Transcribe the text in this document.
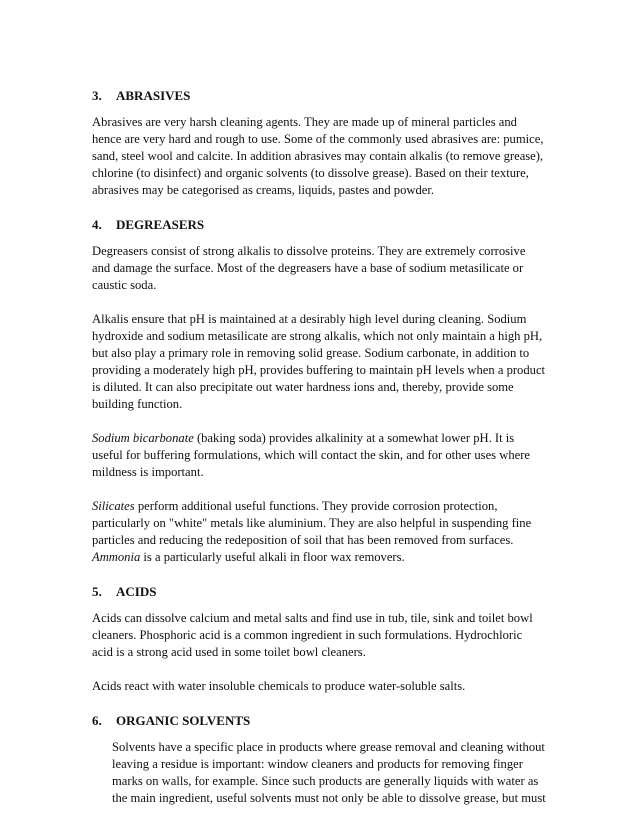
3. ABRASIVES
Abrasives are very harsh cleaning agents. They are made up of mineral particles and
hence are very hard and rough to use. Some of the commonly used abrasives are: pumice,
sand, steel wool and calcite. In addition abrasives may contain alkalis (to remove grease),
chlorine (to disinfect) and organic solvents (to dissolve grease). Based on their texture,
abrasives may be categorised as creams, liquids, pastes and powder.
4. DEGREASERS
Degreasers consist of strong alkalis to dissolve proteins. They are extremely corrosive
and damage the surface. Most of the degreasers have a base of sodium metasilicate or
caustic soda.
Alkalis ensure that pH is maintained at a desirably high level during cleaning. Sodium
hydroxide and sodium metasilicate are strong alkalis, which not only maintain a high pH,
but also play a primary role in removing solid grease. Sodium carbonate, in addition to
providing a moderately high pH, provides buffering to maintain pH levels when a product
is diluted. It can also precipitate out water hardness ions and, thereby, provide some
building function.
Sodium bicarbonate (baking soda) provides alkalinity at a somewhat lower pH. It is
useful for buffering formulations, which will contact the skin, and for other uses where
mildness is important.
Silicates perform additional useful functions. They provide corrosion protection,
particularly on "white" metals like aluminium. They are also helpful in suspending fine
particles and reducing the redeposition of soil that has been removed from surfaces.
Ammonia is a particularly useful alkali in floor wax removers.
5. ACIDS
Acids can dissolve calcium and metal salts and find use in tub, tile, sink and toilet bowl
cleaners. Phosphoric acid is a common ingredient in such formulations. Hydrochloric
acid is a strong acid used in some toilet bowl cleaners.
Acids react with water insoluble chemicals to produce water-soluble salts.
6. ORGANIC SOLVENTS
Solvents have a specific place in products where grease removal and cleaning without
leaving a residue is important: window cleaners and products for removing finger
marks on walls, for example. Since such products are generally liquids with water as
the main ingredient, useful solvents must not only be able to dissolve grease, but must
